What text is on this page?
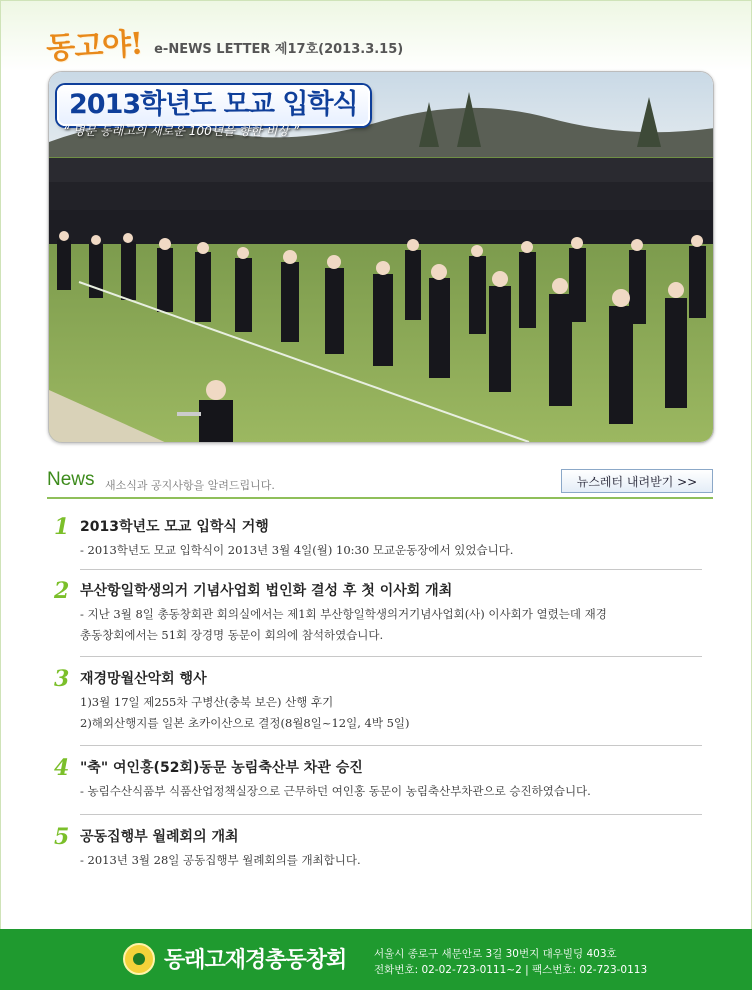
동고야! e-NEWS LETTER 제17호(2013.3.15)
2013학년도 모교 입학식
“ 명문 동래고의 새로운 100년을 향한 비상 ”
News 새소식과 공지사항을 알려드립니다.	뉴스레터 내려받기 >>
1 2013학년도 모교 입학식 거행
- 2013학년도 모교 입학식이 2013년 3월 4일(월) 10:30 모교운동장에서 있었습니다.
2 부산항일학생의거 기념사업회 법인화 결성 후 첫 이사회 개최
- 지난 3월 8일 총동창회관 회의실에서는 제1회 부산항일학생의거기념사업회(사) 이사회가 열렸는데 재경
총동창회에서는 51회 장경명 동문이 회의에 참석하였습니다.
3 재경망월산악회 행사
1)3월 17일 제255차 구병산(충북 보은) 산행 후기
2)해외산행지를 일본 초카이산으로 결정(8월8일~12일, 4박 5일)
4 "축" 여인홍(52회)동문 농림축산부 차관 승진
- 농림수산식품부 식품산업정책실장으로 근무하던 여인홍 동문이 농림축산부차관으로 승진하였습니다.
5 공동집행부 월례회의 개최
- 2013년 3월 28일 공동집행부 월례회의를 개최합니다.
동래고재경총동창회	서울시 종로구 새문안로 3길 30번지 대우빌딩 403호
전화번호: 02-02-723-0111~2 | 팩스번호: 02-723-0113
